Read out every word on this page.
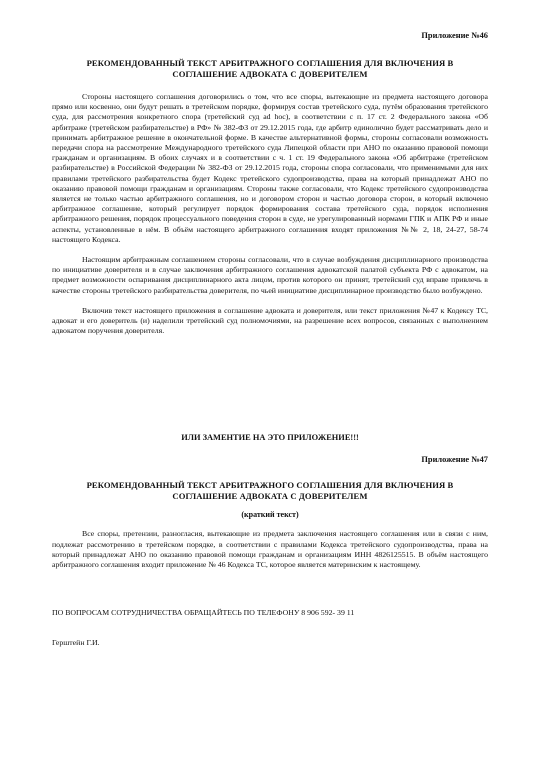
Приложение №46
РЕКОМЕНДОВАННЫЙ ТЕКСТ АРБИТРАЖНОГО СОГЛАШЕНИЯ ДЛЯ ВКЛЮЧЕНИЯ В СОГЛАШЕНИЕ АДВОКАТА С ДОВЕРИТЕЛЕМ

Стороны настоящего соглашения договорились о том, что все споры, вытекающие из предмета настоящего договора прямо или косвенно, они будут решать в третейском порядке, формируя состав третейского суда, путём образования третейского суда, для рассмотрения конкретного спора (третейский суд ad hoc), в соответствии с п. 17 ст. 2 Федерального закона «Об арбитраже (третейском разбирательстве) в РФ» № 382-ФЗ от 29.12.2015 года, где арбитр единолично будет рассматривать дело и принимать арбитражное решение в окончательной форме. В качестве альтернативной формы, стороны согласовали возможность передачи спора на рассмотрение Международного третейского суда Липецкой области при АНО по оказанию правовой помощи гражданам и организациям. В обоих случаях и в соответствии с ч. 1 ст. 19 Федерального закона «Об арбитраже (третейском разбирательстве) в Российской Федерации № 382-ФЗ от 29.12.2015 года, стороны спора согласовали, что применимыми для них правилами третейского разбирательства будет Кодекс третейского судопроизводства, права на который принадлежат АНО по оказанию правовой помощи гражданам и организациям. Стороны также согласовали, что Кодекс третейского судопроизводства является не только частью арбитражного соглашения, но и договором сторон и частью договора сторон, в который включено арбитражное соглашение, который регулирует порядок формирования состава третейского суда, порядок исполнения арбитражного решения, порядок процессуального поведения сторон в суде, не урегулированный нормами ГПК и АПК РФ и иные аспекты, установленные в нём. В объём настоящего арбитражного соглашения входят приложения №№ 2, 18, 24-27, 58-74 настоящего Кодекса.

Настоящим арбитражным соглашением стороны согласовали, что в случае возбуждения дисциплинарного производства по инициативе доверителя и в случае заключения арбитражного соглашения адвокатской палатой субъекта РФ с адвокатом, на предмет возможности оспаривания дисциплинарного акта лицом, против которого он принят, третейский суд вправе привлечь в качестве стороны третейского разбирательства доверителя, по чьей инициативе дисциплинарное производство было возбуждено.

Включив текст настоящего приложения в соглашение адвоката и доверителя, или текст приложения №47 к Кодексу ТС, адвокат и его доверитель (и) наделили третейский суд полномочиями, на разрешение всех вопросов, связанных с выполнением адвокатом поручения доверителя.

ИЛИ ЗАМЕНТИЕ НА ЭТО ПРИЛОЖЕНИЕ!!!
Приложение №47
РЕКОМЕНДОВАННЫЙ ТЕКСТ АРБИТРАЖНОГО СОГЛАШЕНИЯ ДЛЯ ВКЛЮЧЕНИЯ В СОГЛАШЕНИЕ АДВОКАТА С ДОВЕРИТЕЛЕМ
(краткий текст)

Все споры, претензии, разногласия, вытекающие из предмета заключения настоящего соглашения или в связи с ним, подлежат рассмотрению в третейском порядке, в соответствии с правилами Кодекса третейского судопроизводства, права на который принадлежат АНО по оказанию правовой помощи гражданам и организациям ИНН 4826125515. В объём настоящего арбитражного соглашения входит приложение № 46 Кодекса ТС, которое является материнским к настоящему.

ПО ВОПРОСАМ СОТРУДНИЧЕСТВА ОБРАЩАЙТЕСЬ ПО ТЕЛЕФОНУ 8 906 592- 39 11
Герштейн Г.И.
